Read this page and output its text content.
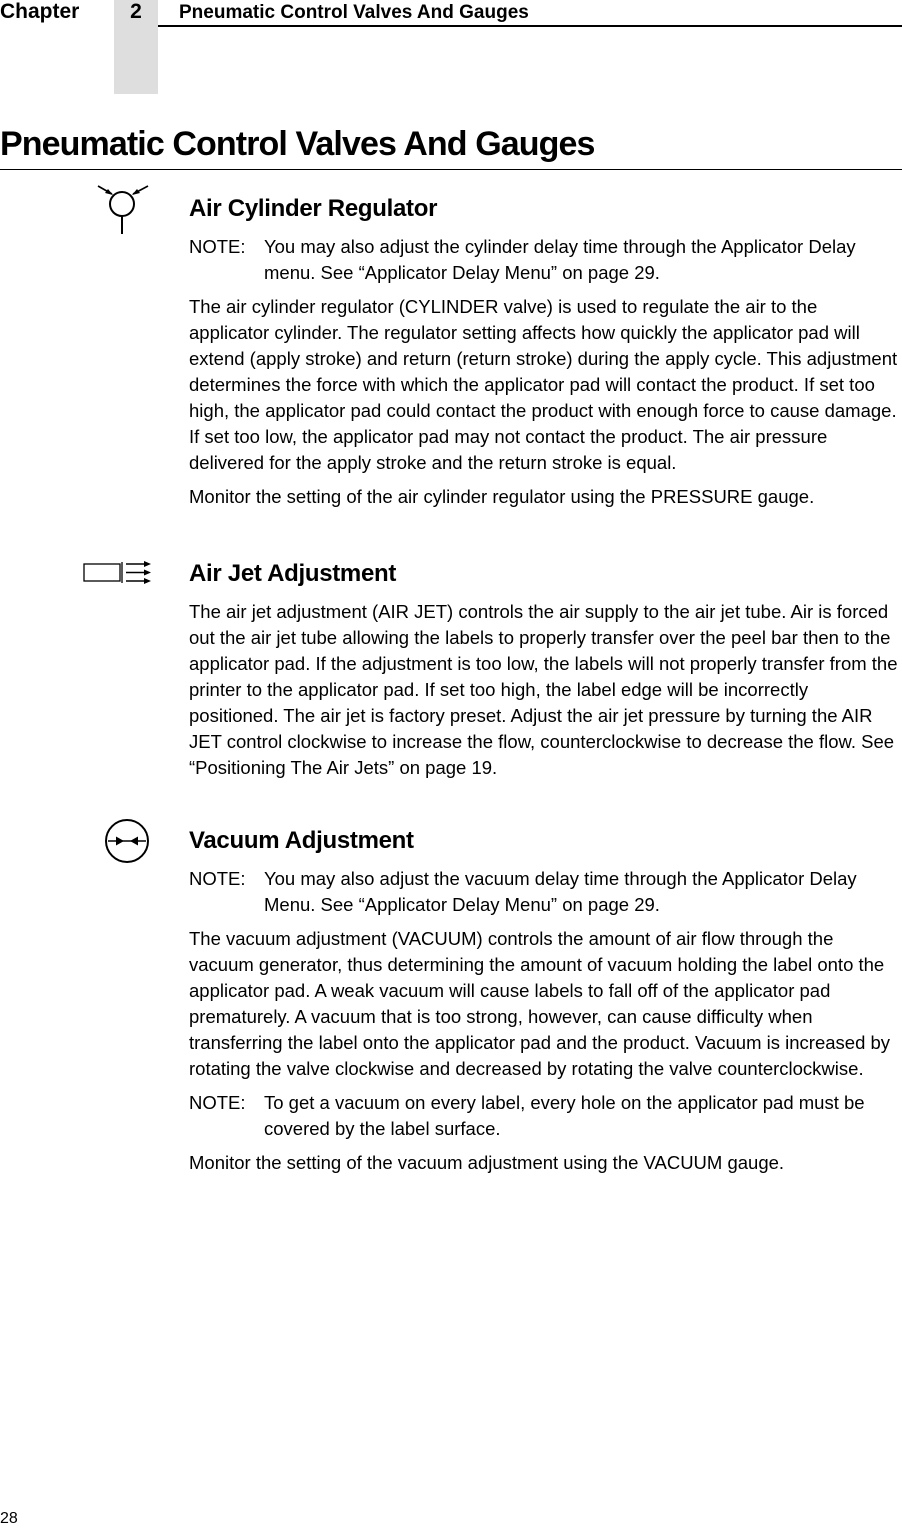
Chapter	2	Pneumatic Control Valves And Gauges
Pneumatic Control Valves And Gauges
Air Cylinder Regulator
NOTE: You may also adjust the cylinder delay time through the Applicator Delay menu. See “Applicator Delay Menu” on page 29.

The air cylinder regulator (CYLINDER valve) is used to regulate the air to the applicator cylinder. The regulator setting affects how quickly the applicator pad will extend (apply stroke) and return (return stroke) during the apply cycle. This adjustment determines the force with which the applicator pad will contact the product. If set too high, the applicator pad could contact the product with enough force to cause damage. If set too low, the applicator pad may not contact the product. The air pressure delivered for the apply stroke and the return stroke is equal.

Monitor the setting of the air cylinder regulator using the PRESSURE gauge.

Air Jet Adjustment

The air jet adjustment (AIR JET) controls the air supply to the air jet tube. Air is forced out the air jet tube allowing the labels to properly transfer over the peel bar then to the applicator pad. If the adjustment is too low, the labels will not properly transfer from the printer to the applicator pad. If set too high, the label edge will be incorrectly positioned. The air jet is factory preset. Adjust the air jet pressure by turning the AIR JET control clockwise to increase the flow, counterclockwise to decrease the flow. See “Positioning The Air Jets” on page 19.

Vacuum Adjustment
NOTE: You may also adjust the vacuum delay time through the Applicator Delay Menu. See “Applicator Delay Menu” on page 29.

The vacuum adjustment (VACUUM) controls the amount of air flow through the vacuum generator, thus determining the amount of vacuum holding the label onto the applicator pad. A weak vacuum will cause labels to fall off of the applicator pad prematurely. A vacuum that is too strong, however, can cause difficulty when transferring the label onto the applicator pad and the product. Vacuum is increased by rotating the valve clockwise and decreased by rotating the valve counterclockwise.

NOTE: To get a vacuum on every label, every hole on the applicator pad must be covered by the label surface.

Monitor the setting of the vacuum adjustment using the VACUUM gauge.

28
